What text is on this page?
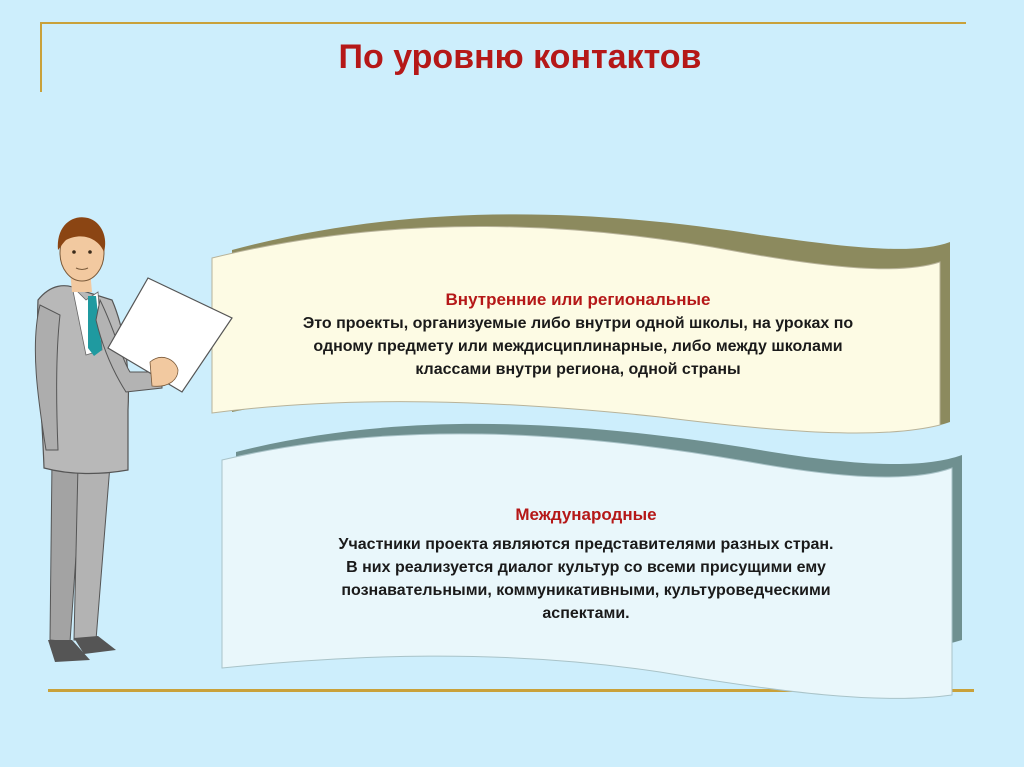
По уровню контактов
Внутренние или региональные
Это проекты, организуемые либо внутри одной школы, на уроках по
одному предмету или междисциплинарные, либо между школами
классами внутри региона, одной страны
Международные
Участники проекта являются представителями разных стран.
В них реализуется диалог культур со всеми присущими ему
познавательными, коммуникативными, культуроведческими
аспектами.
